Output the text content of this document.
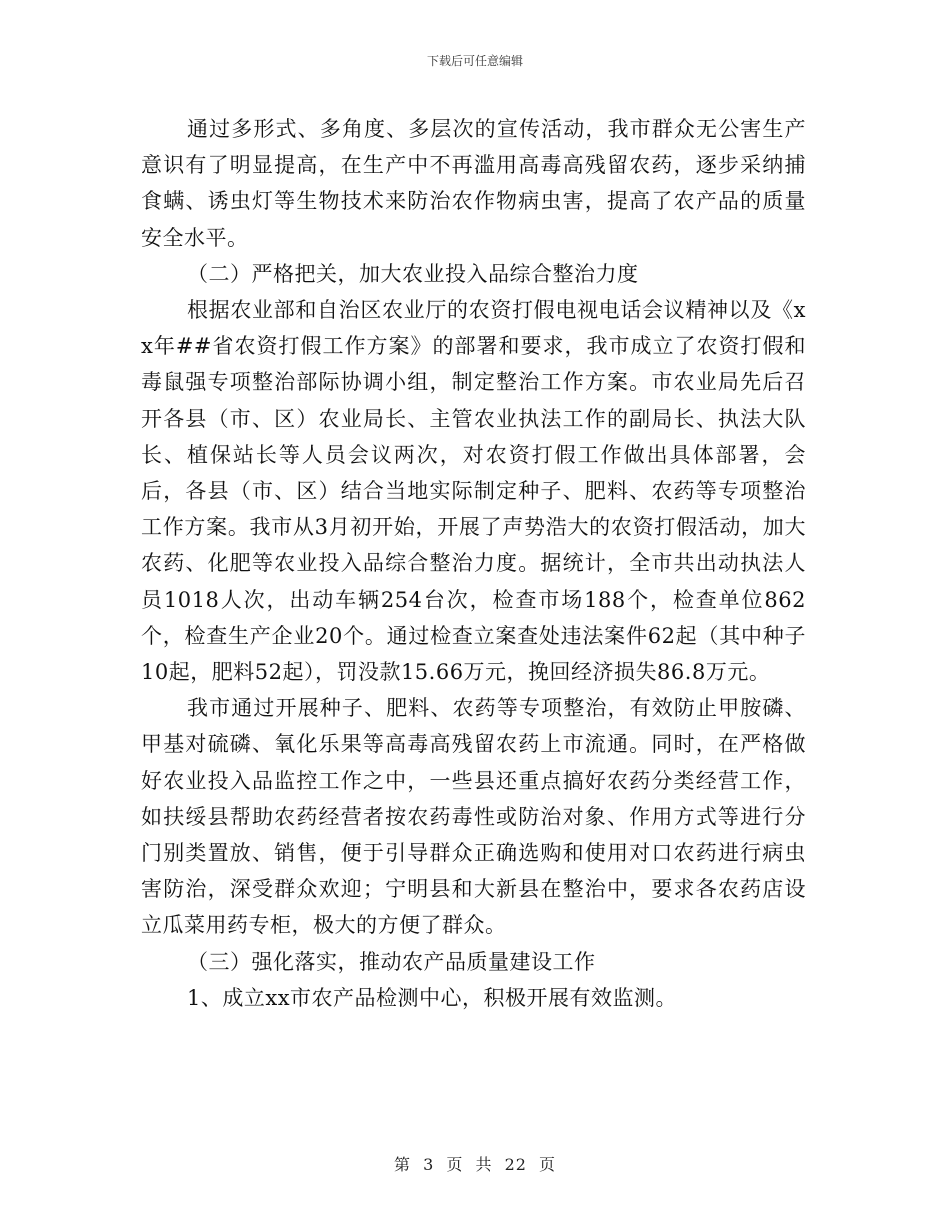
下载后可任意编辑

通过多形式、多角度、多层次的宣传活动，我市群众无公害生产意识有了明显提高，在生产中不再滥用高毒高残留农药，逐步采纳捕食螨、诱虫灯等生物技术来防治农作物病虫害，提高了农产品的质量安全水平。

（二）严格把关，加大农业投入品综合整治力度

根据农业部和自治区农业厅的农资打假电视电话会议精神以及《xx年##省农资打假工作方案》的部署和要求，我市成立了农资打假和毒鼠强专项整治部际协调小组，制定整治工作方案。市农业局先后召开各县（市、区）农业局长、主管农业执法工作的副局长、执法大队长、植保站长等人员会议两次，对农资打假工作做出具体部署，会后，各县（市、区）结合当地实际制定种子、肥料、农药等专项整治工作方案。我市从3月初开始，开展了声势浩大的农资打假活动，加大农药、化肥等农业投入品综合整治力度。据统计，全市共出动执法人员1018人次，出动车辆254台次，检查市场188个，检查单位862个，检查生产企业20个。通过检查立案查处违法案件62起（其中种子10起，肥料52起），罚没款15.66万元，挽回经济损失86.8万元。

我市通过开展种子、肥料、农药等专项整治，有效防止甲胺磷、甲基对硫磷、氧化乐果等高毒高残留农药上市流通。同时，在严格做好农业投入品监控工作之中，一些县还重点搞好农药分类经营工作，如扶绥县帮助农药经营者按农药毒性或防治对象、作用方式等进行分门别类置放、销售，便于引导群众正确选购和使用对口农药进行病虫害防治，深受群众欢迎；宁明县和大新县在整治中，要求各农药店设立瓜菜用药专柜，极大的方便了群众。

（三）强化落实，推动农产品质量建设工作

1、成立xx市农产品检测中心，积极开展有效监测。

第 3 页 共 22 页
